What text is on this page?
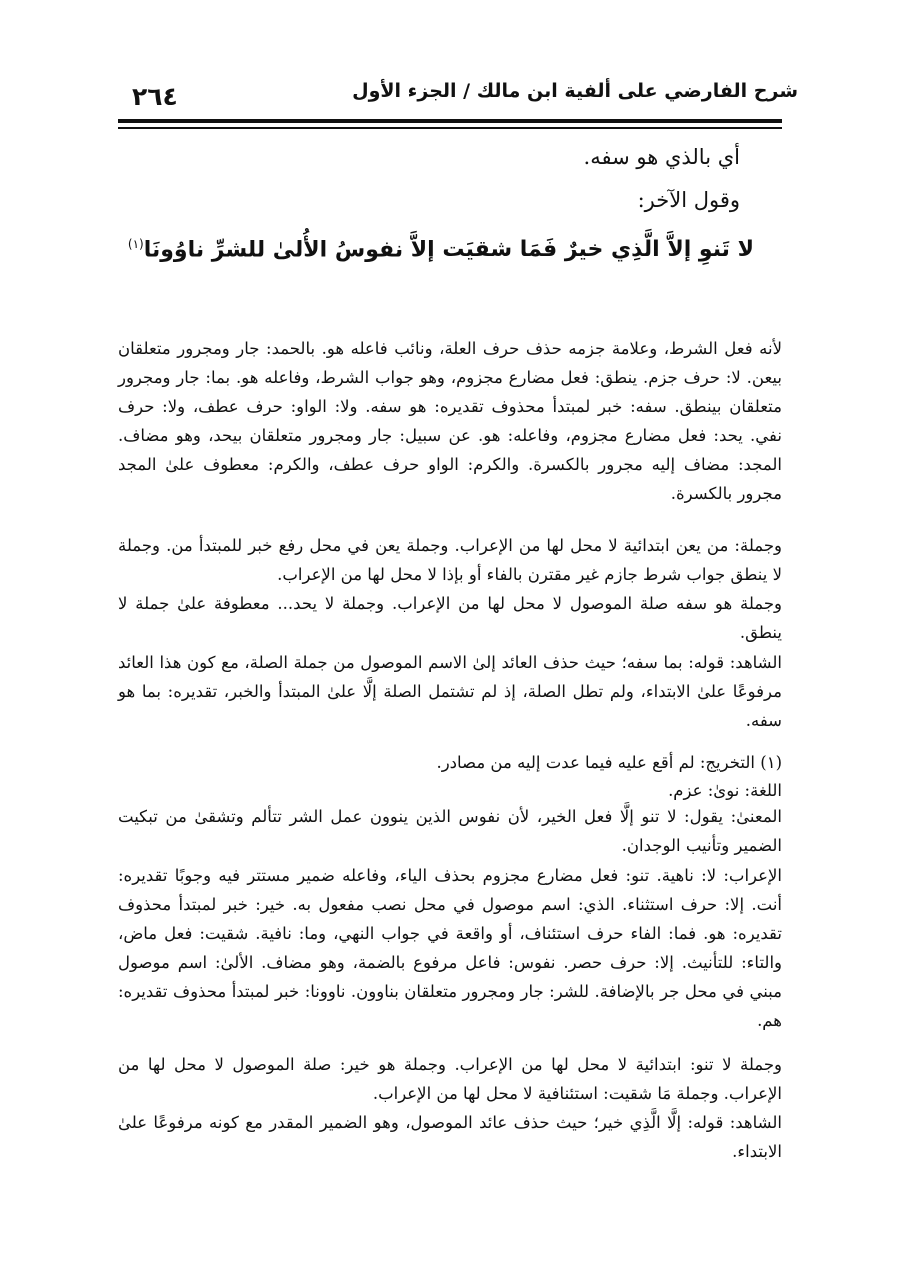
٢٦٤	شرح الفارضي على ألفية ابن مالك / الجزء الأول
أي بالذي هو سفه.
وقول الآخر:
لا تَنوِ إلاَّ الَّذِي خيرٌ فَمَا شقيَت إلاَّ نفوسُ الأُلىٰ للشرِّ ناوُونَا$^{(١)}$

لأنه فعل الشرط، وعلامة جزمه حذف حرف العلة، ونائب فاعله هو. بالحمد: جار ومجرور متعلقان بيعن. لا: حرف جزم. ينطق: فعل مضارع مجزوم، وهو جواب الشرط، وفاعله هو. بما: جار ومجرور متعلقان بينطق. سفه: خبر لمبتدأ محذوف تقديره: هو سفه. ولا: الواو: حرف عطف، ولا: حرف نفي. يحد: فعل مضارع مجزوم، وفاعله: هو. عن سبيل: جار ومجرور متعلقان بيحد، وهو مضاف. المجد: مضاف إليه مجرور بالكسرة. والكرم: الواو حرف عطف، والكرم: معطوف علىٰ المجد مجرور بالكسرة.

وجملة: من يعن ابتدائية لا محل لها من الإعراب. وجملة يعن في محل رفع خبر للمبتدأ من. وجملة لا ينطق جواب شرط جازم غير مقترن بالفاء أو بإذا لا محل لها من الإعراب.

وجملة هو سفه صلة الموصول لا محل لها من الإعراب. وجملة لا يحد... معطوفة علىٰ جملة لا ينطق.

الشاهد: قوله: بما سفه؛ حيث حذف العائد إلىٰ الاسم الموصول من جملة الصلة، مع كون هذا العائد مرفوعًا علىٰ الابتداء، ولم تطل الصلة، إذ لم تشتمل الصلة إلَّا علىٰ المبتدأ والخبر، تقديره: بما هو سفه.

(١) التخريج: لم أقع عليه فيما عدت إليه من مصادر.

اللغة: نوىٰ: عزم.

المعنىٰ: يقول: لا تنو إلَّا فعل الخير، لأن نفوس الذين ينوون عمل الشر تتألم وتشقىٰ من تبكيت الضمير وتأنيب الوجدان.

الإعراب: لا: ناهية. تنو: فعل مضارع مجزوم بحذف الياء، وفاعله ضمير مستتر فيه وجوبًا تقديره: أنت. إلا: حرف استثناء. الذي: اسم موصول في محل نصب مفعول به. خير: خبر لمبتدأ محذوف تقديره: هو. فما: الفاء حرف استئناف، أو واقعة في جواب النهي، وما: نافية. شقيت: فعل ماض، والتاء: للتأنيث. إلا: حرف حصر. نفوس: فاعل مرفوع بالضمة، وهو مضاف. الألىٰ: اسم موصول مبني في محل جر بالإضافة. للشر: جار ومجرور متعلقان بناوون. ناوونا: خبر لمبتدأ محذوف تقديره: هم.

وجملة لا تنو: ابتدائية لا محل لها من الإعراب. وجملة هو خير: صلة الموصول لا محل لها من الإعراب. وجملة مَا شقيت: استئنافية لا محل لها من الإعراب.

الشاهد: قوله: إلَّا الَّذِي خير؛ حيث حذف عائد الموصول، وهو الضمير المقدر مع كونه مرفوعًا علىٰ الابتداء.
